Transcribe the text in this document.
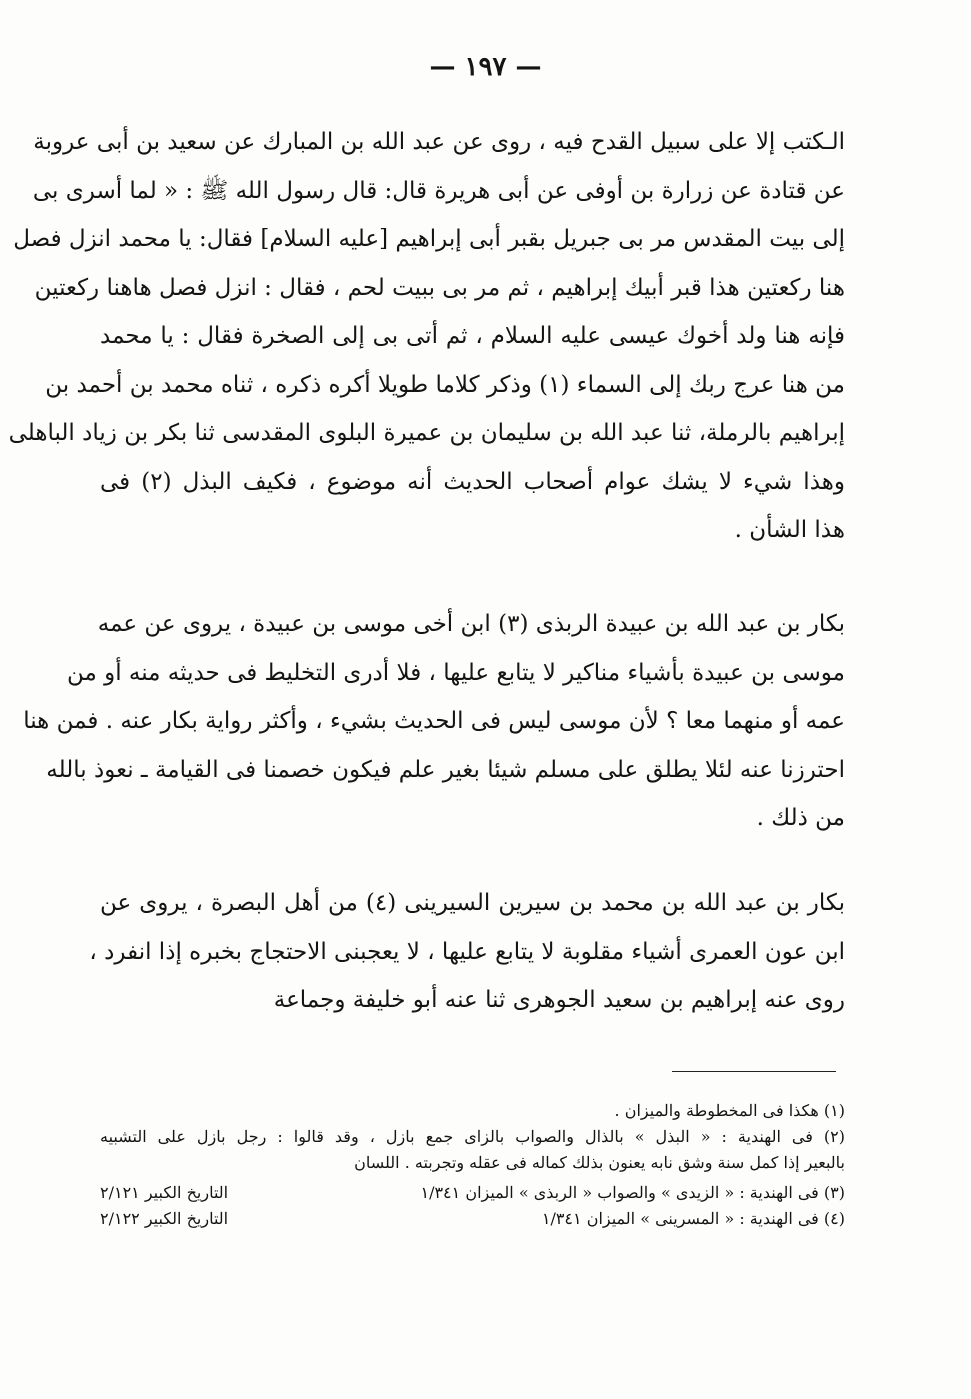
— ١٩٧ —
الـكتب إلا على سبيل القدح فيه ، روى عن عبد الله بن المبارك عن سعيد بن أبى عروبة
عن قتادة عن زرارة بن أوفى عن أبى هريرة قال: قال رسول الله ﷺ : « لما أسرى بى
إلى بيت المقدس مر بى جبريل بقبر أبى إبراهيم [عليه السلام] فقال: يا محمد انزل فصل
هنا ركعتين هذا قبر أبيك إبراهيم ، ثم مر بى ببيت لحم ، فقال : انزل فصل هاهنا ركعتين
فإنه هنا ولد أخوك عيسى عليه السلام ، ثم أتى بى إلى الصخرة فقال : يا محمد
من هنا عرج ربك إلى السماء (١) وذكر كلاما طويلا أكره ذكره ، ثناه محمد بن أحمد بن
إبراهيم بالرملة، ثنا عبد الله بن سليمان بن عميرة البلوى المقدسى ثنا بكر بن زياد الباهلى
وهذا شيء لا يشك عوام أصحاب الحديث أنه موضوع ، فكيف البذل (٢) فى
هذا الشأن .
بكار بن عبد الله بن عبيدة الربذى (٣) ابن أخى موسى بن عبيدة ، يروى عن عمه
موسى بن عبيدة بأشياء مناكير لا يتابع عليها ، فلا أدرى التخليط فى حديثه منه أو من
عمه أو منهما معا ؟ لأن موسى ليس فى الحديث بشيء ، وأكثر رواية بكار عنه . فمن هنا
احترزنا عنه لئلا يطلق على مسلم شيئا بغير علم فيكون خصمنا فى القيامة ـ نعوذ بالله
من ذلك .
بكار بن عبد الله بن محمد بن سيرين السيرينى (٤) من أهل البصرة ، يروى عن
ابن عون العمرى أشياء مقلوبة لا يتابع عليها ، لا يعجبنى الاحتجاج بخبره إذا انفرد ،
روى عنه إبراهيم بن سعيد الجوهرى ثنا عنه أبو خليفة وجماعة
(١) هكذا فى المخطوطة والميزان .
(٢) فى الهندية : « البذل » بالذال والصواب بالزاى جمع بازل ، وقد قالوا : رجل بازل على التشبيه
بالبعير إذا كمل سنة وشق نابه يعنون بذلك كماله فى عقله وتجربته . اللسان
(٣) فى الهندية : « الزيدى » والصواب « الربذى » الميزان ١/٣٤١
التاريخ الكبير ٢/١٢١
(٤) فى الهندية : « المسرينى » الميزان ١/٣٤١
التاريخ الكبير ٢/١٢٢
